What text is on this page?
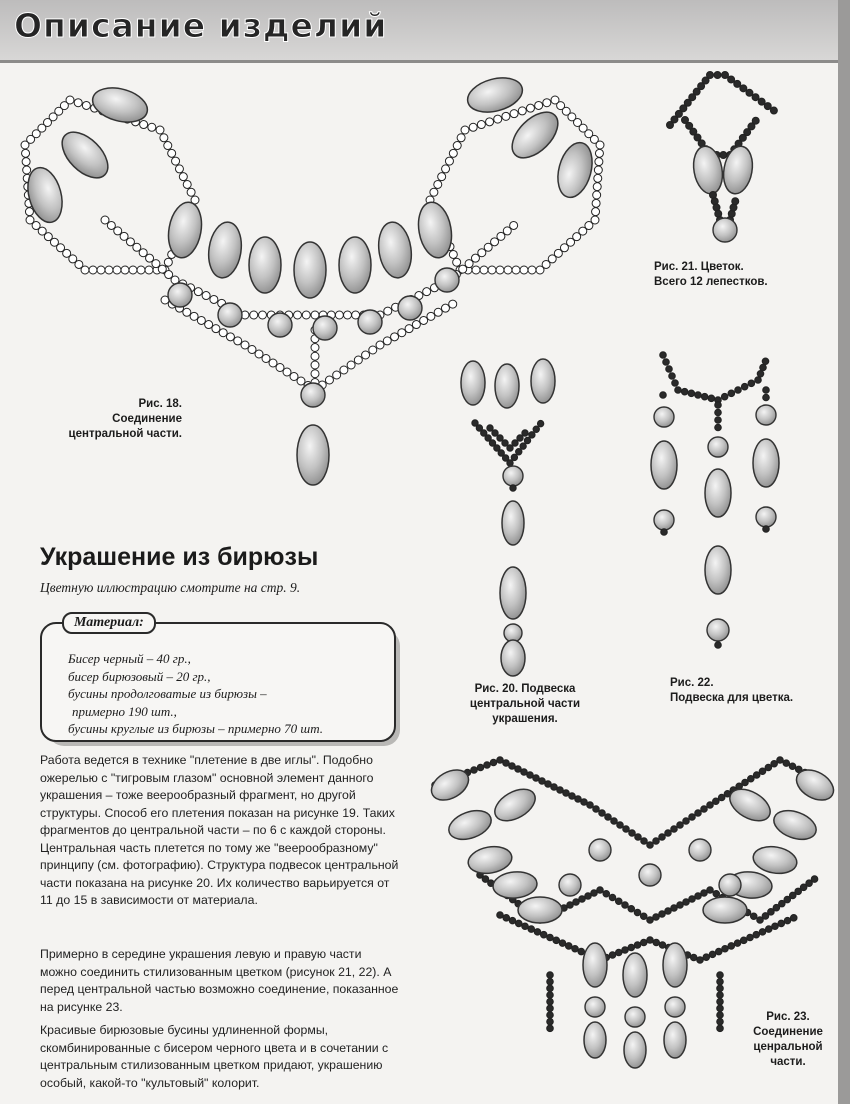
Описание изделий
Рис. 18.
Соединение
центральной части.
Рис. 21. Цветок.
Всего 12 лепестков.
Рис. 20. Подвеска
центральной части
украшения.
Рис. 22.
Подвеска для цветка.
Рис. 23.
Соединение
ценральной
части.
Украшение из бирюзы
Цветную иллюстрацию смотрите на стр. 9.
Материал:
Бисер черный – 40 гр.,
бисер бирюзовый – 20 гр.,
бусины продолговатые из бирюзы –
примерно 190 шт.,
бусины круглые из бирюзы – примерно 70 шт.

Работа ведется в технике "плетение в две иглы". Подобно ожерелью с "тигровым глазом" основной элемент данного украшения – тоже веерообразный фрагмент, но другой структуры. Способ его плетения показан на рисунке 19. Таких фрагментов до центральной части – по 6 с каждой стороны. Центральная часть плетется по тому же "веерообразному" принципу (см. фотографию). Структура подвесок центральной части показана на рисунке 20. Их количество варьируется от 11 до 15 в зависимости от материала.

Примерно в середине украшения левую и правую части можно соединить стилизованным цветком (рисунок 21, 22). А перед центральной частью возможно соединение, показанное на рисунке 23.

Красивые бирюзовые бусины удлиненной формы, скомбинированные с бисером черного цвета и в сочетании с центральным стилизованным цветком придают, украшению особый, какой-то "культовый" колорит.
